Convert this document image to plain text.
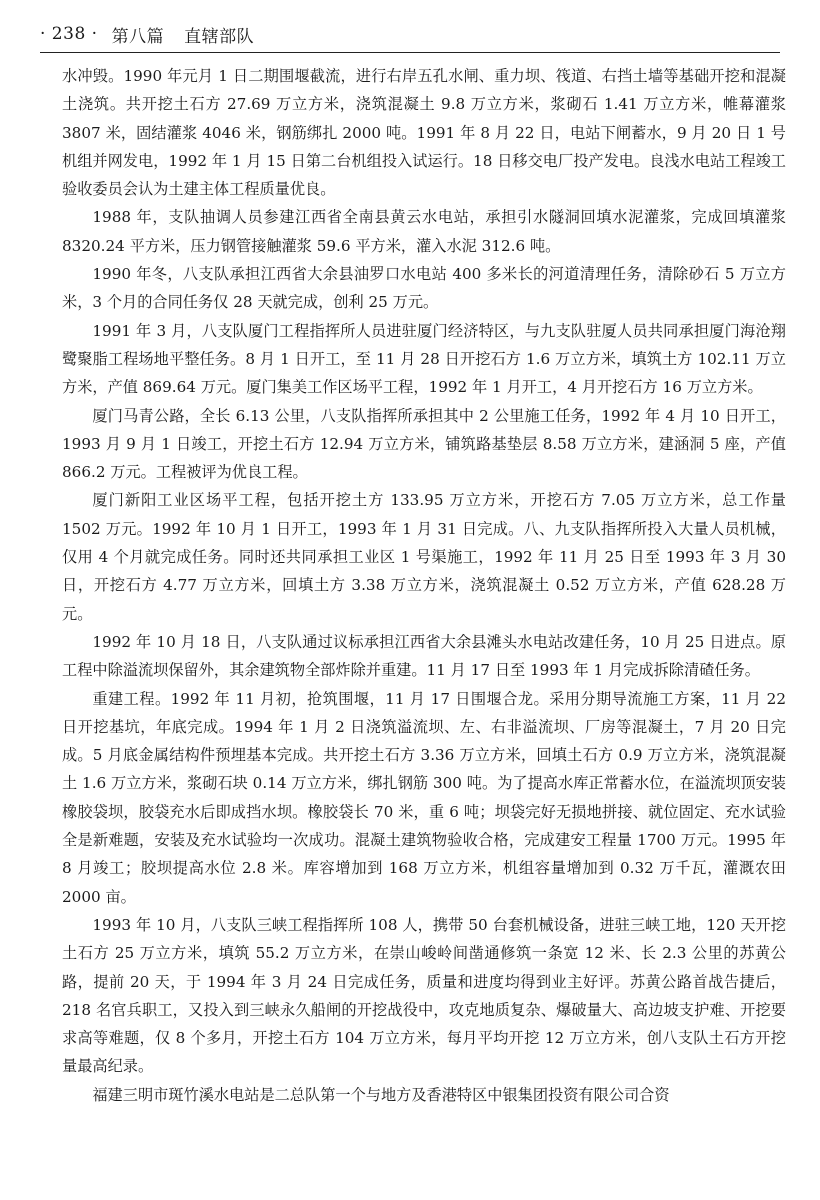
· 238 · 第八篇 直辖部队

水冲毁。1990 年元月 1 日二期围堰截流，进行右岸五孔水闸、重力坝、筏道、右挡土墙等基础开挖和混凝土浇筑。共开挖土石方 27.69 万立方米，浇筑混凝土 9.8 万立方米，浆砌石 1.41 万立方米，帷幕灌浆 3807 米，固结灌浆 4046 米，钢筋绑扎 2000 吨。1991 年 8 月 22 日，电站下闸蓄水，9 月 20 日 1 号机组并网发电，1992 年 1 月 15 日第二台机组投入试运行。18 日移交电厂投产发电。良浅水电站工程竣工验收委员会认为土建主体工程质量优良。

1988 年，支队抽调人员参建江西省全南县黄云水电站，承担引水隧洞回填水泥灌浆，完成回填灌浆 8320.24 平方米，压力钢管接触灌浆 59.6 平方米，灌入水泥 312.6 吨。

1990 年冬，八支队承担江西省大余县油罗口水电站 400 多米长的河道清理任务，清除砂石 5 万立方米，3 个月的合同任务仅 28 天就完成，创利 25 万元。

1991 年 3 月，八支队厦门工程指挥所人员进驻厦门经济特区，与九支队驻厦人员共同承担厦门海沧翔鹭聚脂工程场地平整任务。8 月 1 日开工，至 11 月 28 日开挖石方 1.6 万立方米，填筑土方 102.11 万立方米，产值 869.64 万元。厦门集美工作区场平工程，1992 年 1 月开工，4 月开挖石方 16 万立方米。

厦门马青公路，全长 6.13 公里，八支队指挥所承担其中 2 公里施工任务，1992 年 4 月 10 日开工，1993 月 9 月 1 日竣工，开挖土石方 12.94 万立方米，铺筑路基垫层 8.58 万立方米，建涵洞 5 座，产值 866.2 万元。工程被评为优良工程。

厦门新阳工业区场平工程，包括开挖土方 133.95 万立方米，开挖石方 7.05 万立方米，总工作量 1502 万元。1992 年 10 月 1 日开工，1993 年 1 月 31 日完成。八、九支队指挥所投入大量人员机械，仅用 4 个月就完成任务。同时还共同承担工业区 1 号渠施工，1992 年 11 月 25 日至 1993 年 3 月 30 日，开挖石方 4.77 万立方米，回填土方 3.38 万立方米，浇筑混凝土 0.52 万立方米，产值 628.28 万元。

1992 年 10 月 18 日，八支队通过议标承担江西省大余县滩头水电站改建任务，10 月 25 日进点。原工程中除溢流坝保留外，其余建筑物全部炸除并重建。11 月 17 日至 1993 年 1 月完成拆除清碴任务。

重建工程。1992 年 11 月初，抢筑围堰，11 月 17 日围堰合龙。采用分期导流施工方案，11 月 22 日开挖基坑，年底完成。1994 年 1 月 2 日浇筑溢流坝、左、右非溢流坝、厂房等混凝土，7 月 20 日完成。5 月底金属结构件预埋基本完成。共开挖土石方 3.36 万立方米，回填土石方 0.9 万立方米，浇筑混凝土 1.6 万立方米，浆砌石块 0.14 万立方米，绑扎钢筋 300 吨。为了提高水库正常蓄水位，在溢流坝顶安装橡胶袋坝，胶袋充水后即成挡水坝。橡胶袋长 70 米，重 6 吨；坝袋完好无损地拼接、就位固定、充水试验全是新难题，安装及充水试验均一次成功。混凝土建筑物验收合格，完成建安工程量 1700 万元。1995 年 8 月竣工；胶坝提高水位 2.8 米。库容增加到 168 万立方米，机组容量增加到 0.32 万千瓦，灌溉农田 2000 亩。

1993 年 10 月，八支队三峡工程指挥所 108 人，携带 50 台套机械设备，进驻三峡工地，120 天开挖土石方 25 万立方米，填筑 55.2 万立方米，在崇山峻岭间凿通修筑一条宽 12 米、长 2.3 公里的苏黄公路，提前 20 天，于 1994 年 3 月 24 日完成任务，质量和进度均得到业主好评。苏黄公路首战告捷后，218 名官兵职工，又投入到三峡永久船闸的开挖战役中，攻克地质复杂、爆破量大、高边坡支护难、开挖要求高等难题，仅 8 个多月，开挖土石方 104 万立方米，每月平均开挖 12 万立方米，创八支队土石方开挖量最高纪录。

福建三明市斑竹溪水电站是二总队第一个与地方及香港特区中银集团投资有限公司合资
